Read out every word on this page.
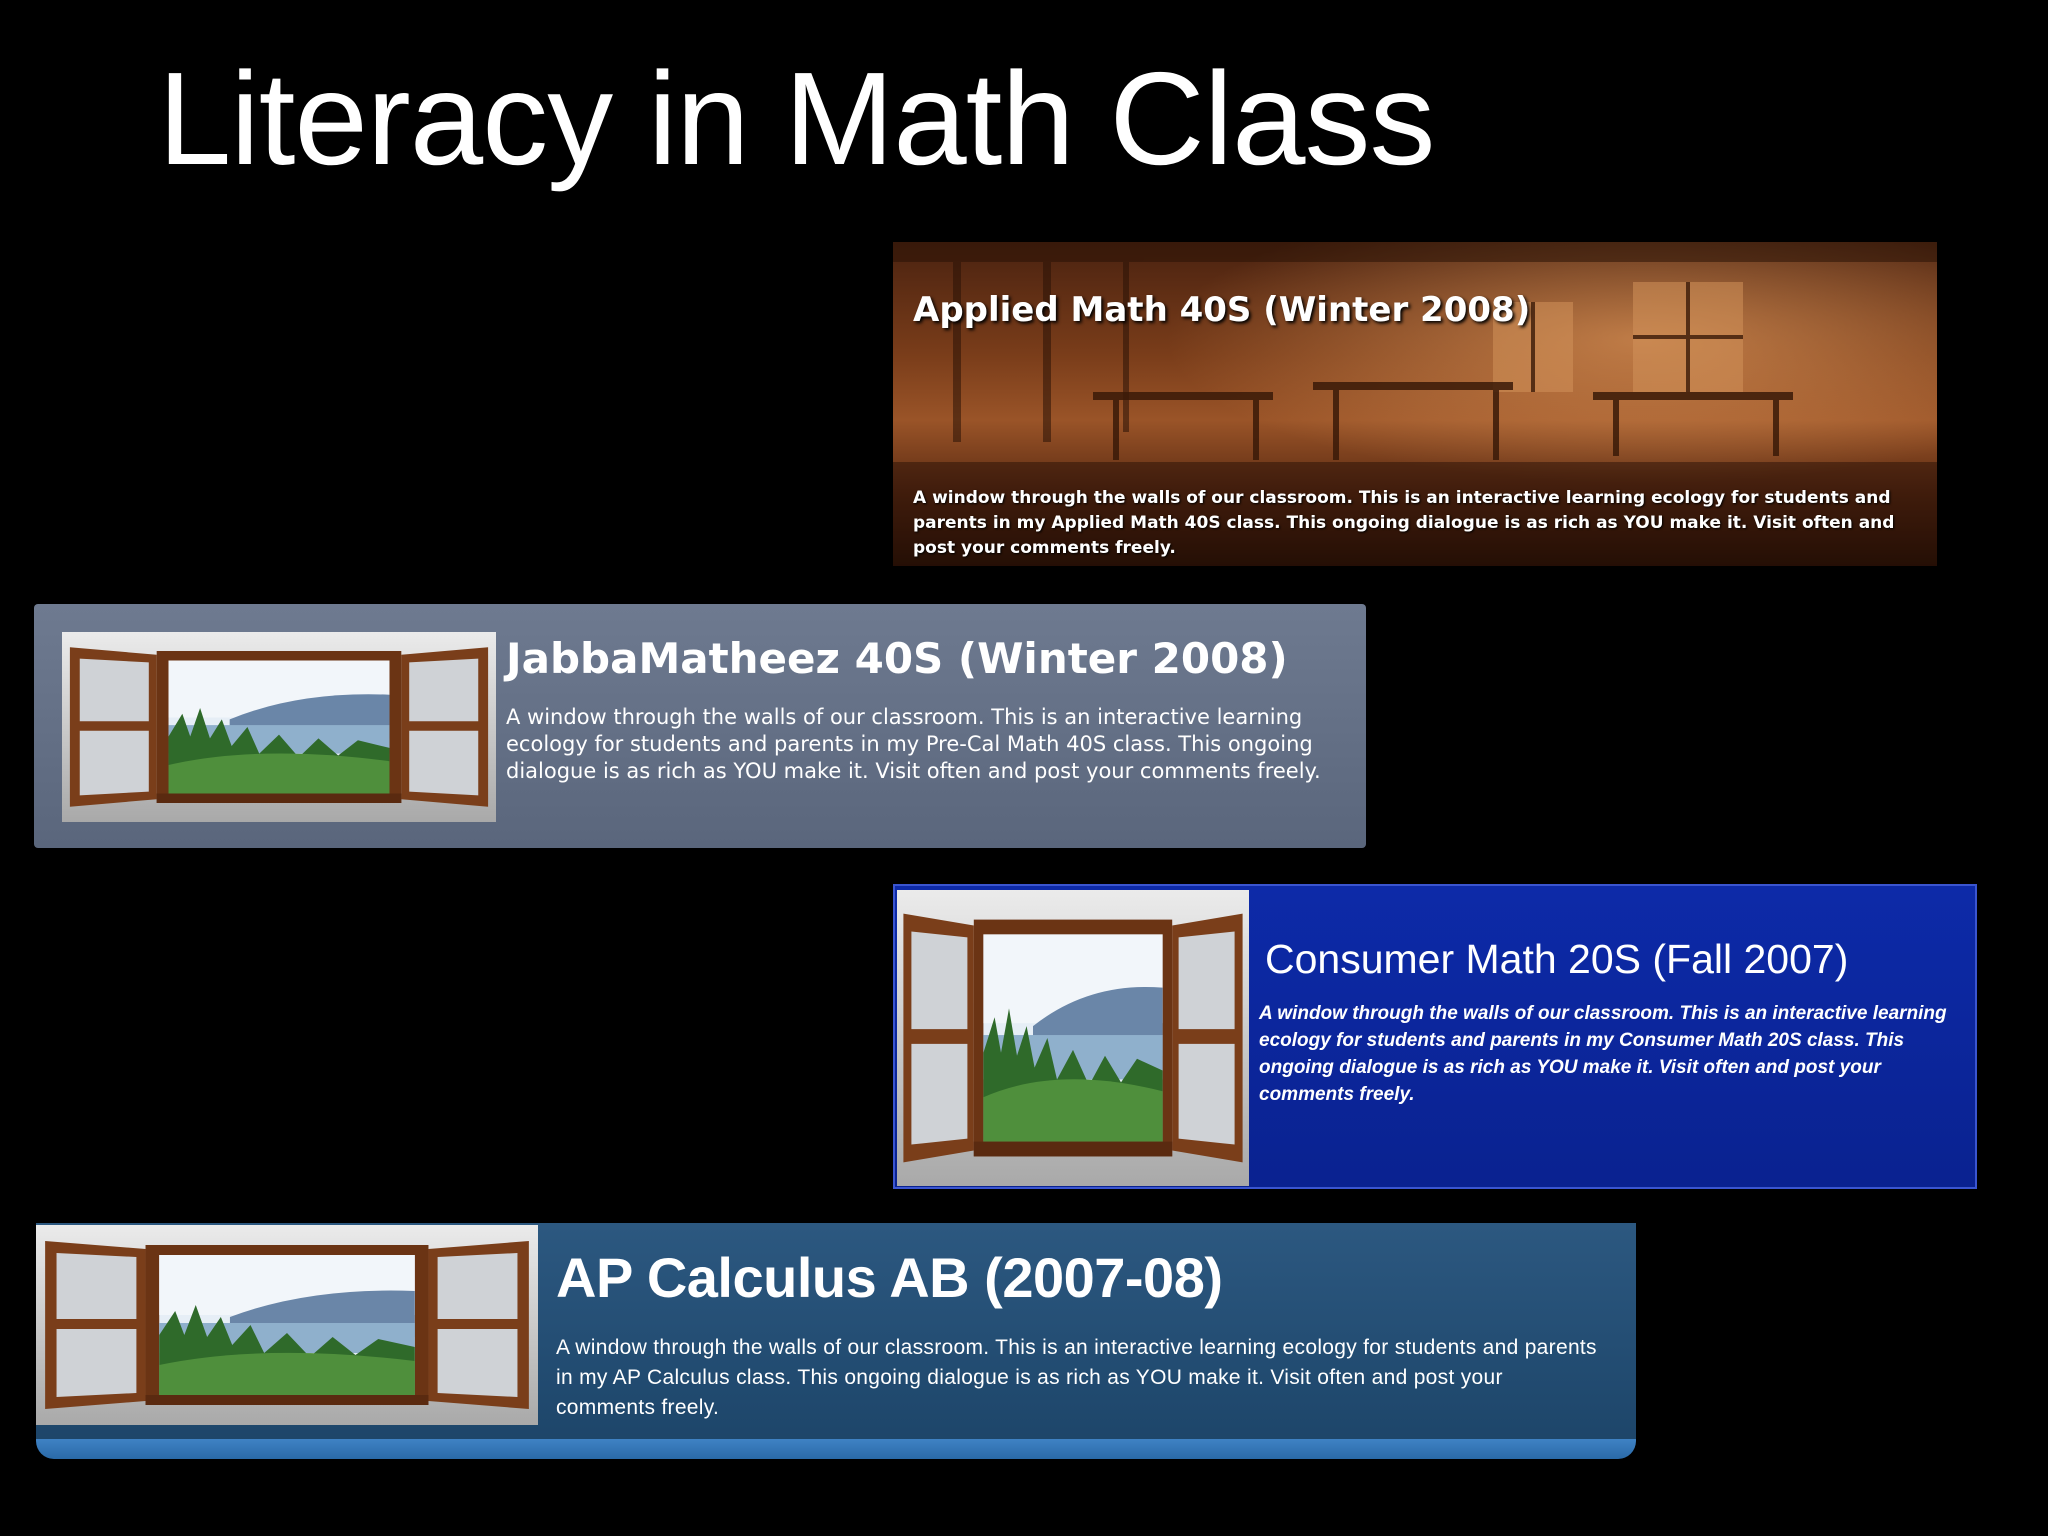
Literacy in Math Class
Applied Math 40S (Winter 2008)
A window through the walls of our classroom. This is an interactive learning ecology for students and parents in my Applied Math 40S class. This ongoing dialogue is as rich as YOU make it. Visit often and post your comments freely.
JabbaMatheez 40S (Winter 2008)
A window through the walls of our classroom. This is an interactive learning ecology for students and parents in my Pre-Cal Math 40S class. This ongoing dialogue is as rich as YOU make it. Visit often and post your comments freely.
Consumer Math 20S (Fall 2007)
A window through the walls of our classroom. This is an interactive learning ecology for students and parents in my Consumer Math 20S class. This ongoing dialogue is as rich as YOU make it. Visit often and post your comments freely.
AP Calculus AB (2007-08)
A window through the walls of our classroom. This is an interactive learning ecology for students and parents in my AP Calculus class. This ongoing dialogue is as rich as YOU make it. Visit often and post your comments freely.
